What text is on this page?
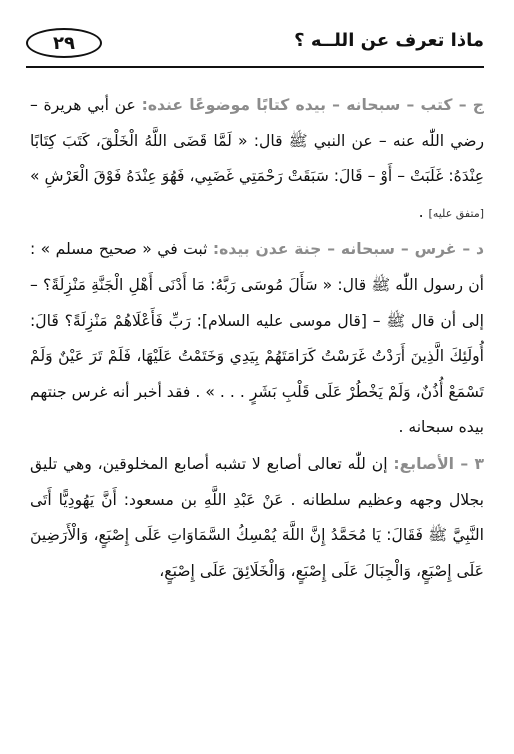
٢٩	ماذا تعرف عن اللــه ؟

ج – كتب – سبحانه – بيده كتابًا موضوعًا عنده: عن أبي هريرة – رضي اللّٰه عنه – عن النبي ﷺ قال: « لَمَّا قَضَى اللَّهُ الْخَلْقَ، كَتَبَ كِتَابًا عِنْدَهُ: غَلَبَتْ – أَوْ – قَالَ: سَبَقَتْ رَحْمَتِي غَضَبِي، فَهُوَ عِنْدَهُ فَوْقَ الْعَرْشِ » [متفق عليه] .

د – غرس – سبحانه – جنة عدن بيده: ثبت في « صحيح مسلم » : أن رسول اللّٰه ﷺ قال: « سَأَلَ مُوسَى رَبَّهُ: مَا أَدْنَى أَهْلِ الْجَنَّةِ مَنْزِلَةً؟ – إلى أن قال ﷺ – [قال موسى عليه السلام]: رَبِّ فَأَعْلَاهُمْ مَنْزِلَةً؟ قَالَ: أُولَئِكَ الَّذِينَ أَرَدْتُ غَرَسْتُ كَرَامَتَهُمْ بِيَدِي وَخَتَمْتُ عَلَيْهَا، فَلَمْ تَرَ عَيْنٌ وَلَمْ تَسْمَعْ أُذُنٌ، وَلَمْ يَخْطُرْ عَلَى قَلْبِ بَشَرٍ . . . » . فقد أخبر أنه غرس جنتهم بيده سبحانه .

٣ – الأصابع: إن للّٰه تعالى أصابع لا تشبه أصابع المخلوقين، وهي تليق بجلال وجهه وعظيم سلطانه . عَنْ عَبْدِ اللَّهِ بن مسعود: أَنَّ يَهُودِيًّا أَتَى النَّبِيَّ ﷺ فَقَالَ: يَا مُحَمَّدُ إِنَّ اللَّهَ يُمْسِكُ السَّمَاوَاتِ عَلَى إِصْبَعٍ، وَالْأَرَضِينَ عَلَى إِصْبَعٍ، وَالْجِبَالَ عَلَى إِصْبَعٍ، وَالْخَلَائِقَ عَلَى إِصْبَعٍ،
